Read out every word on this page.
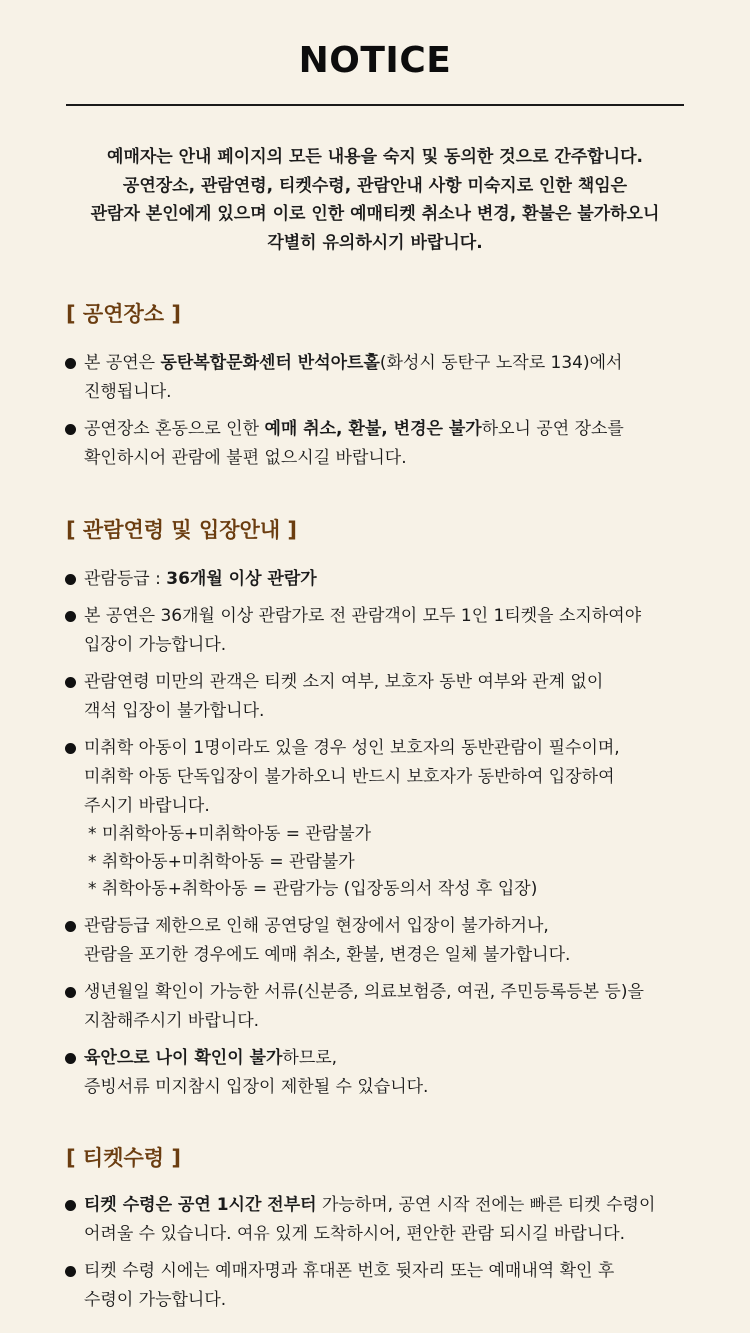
NOTICE
예매자는 안내 페이지의 모든 내용을 숙지 및 동의한 것으로 간주합니다.
공연장소, 관람연령, 티켓수령, 관람안내 사항 미숙지로 인한 책임은
관람자 본인에게 있으며 이로 인한 예매티켓 취소나 변경, 환불은 불가하오니
각별히 유의하시기 바랍니다.
[ 공연장소 ]
본 공연은 동탄복합문화센터 반석아트홀(화성시 동탄구 노작로 134)에서
진행됩니다.
공연장소 혼동으로 인한 예매 취소, 환불, 변경은 불가하오니 공연 장소를
확인하시어 관람에 불편 없으시길 바랍니다.
[ 관람연령 및 입장안내 ]
관람등급 : 36개월 이상 관람가
본 공연은 36개월 이상 관람가로 전 관람객이 모두 1인 1티켓을 소지하여야
입장이 가능합니다.
관람연령 미만의 관객은 티켓 소지 여부, 보호자 동반 여부와 관계 없이
객석 입장이 불가합니다.
미취학 아동이 1명이라도 있을 경우 성인 보호자의 동반관람이 필수이며,
미취학 아동 단독입장이 불가하오니 반드시 보호자가 동반하여 입장하여
주시기 바랍니다.
* 미취학아동+미취학아동 = 관람불가
* 취학아동+미취학아동 = 관람불가
* 취학아동+취학아동 = 관람가능 (입장동의서 작성 후 입장)
관람등급 제한으로 인해 공연당일 현장에서 입장이 불가하거나,
관람을 포기한 경우에도 예매 취소, 환불, 변경은 일체 불가합니다.
생년월일 확인이 가능한 서류(신분증, 의료보험증, 여권, 주민등록등본 등)을
지참해주시기 바랍니다.
육안으로 나이 확인이 불가하므로,
증빙서류 미지참시 입장이 제한될 수 있습니다.
[ 티켓수령 ]
티켓 수령은 공연 1시간 전부터 가능하며, 공연 시작 전에는 빠른 티켓 수령이
어려울 수 있습니다. 여유 있게 도착하시어, 편안한 관람 되시길 바랍니다.
티켓 수령 시에는 예매자명과 휴대폰 번호 뒷자리 또는 예매내역 확인 후
수령이 가능합니다.
